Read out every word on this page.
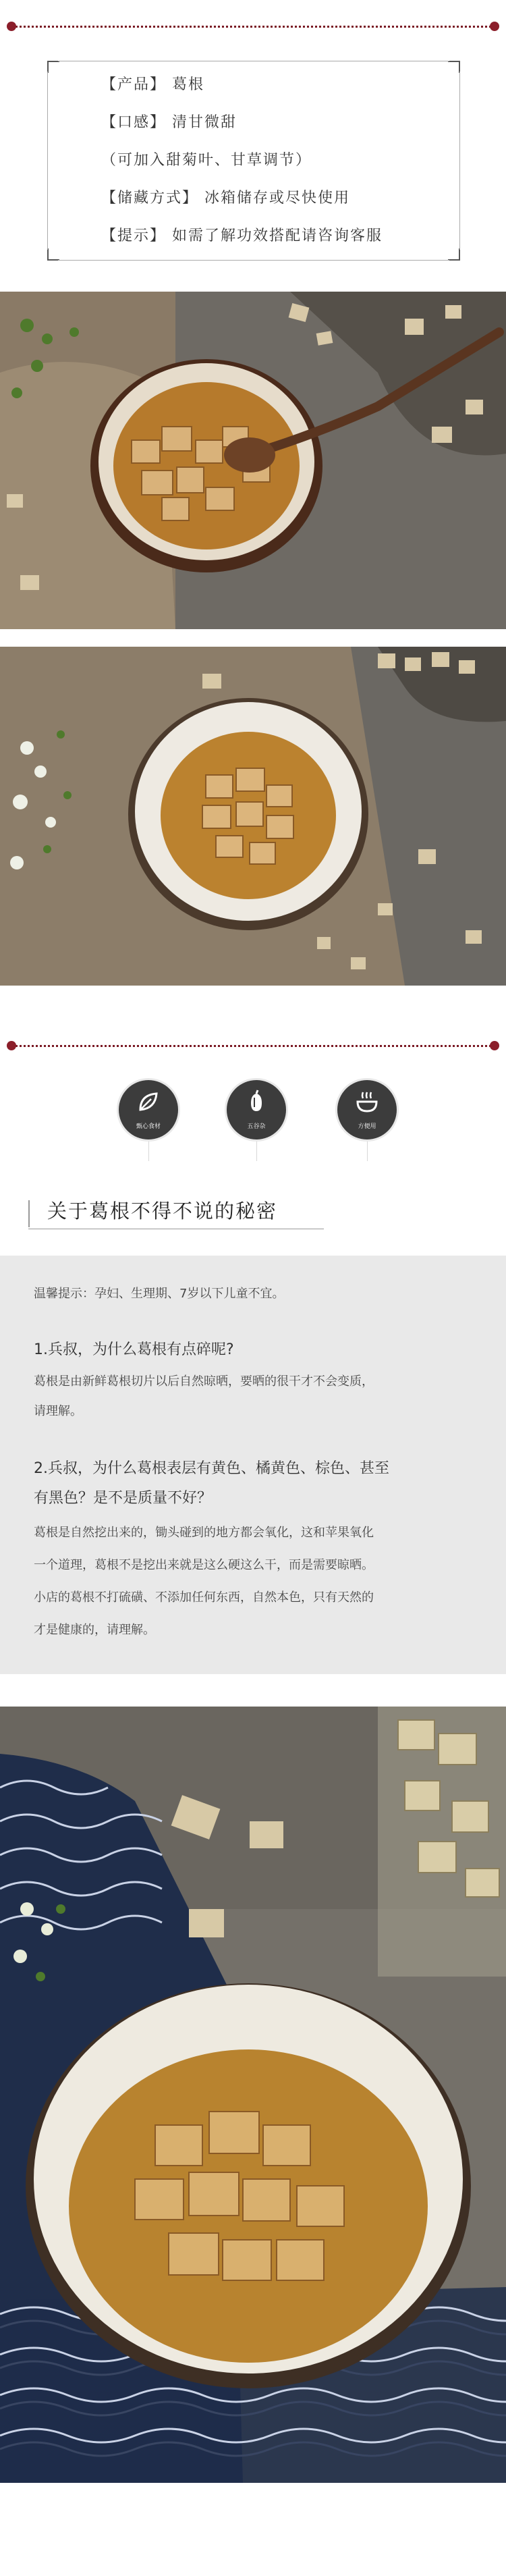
【产品】 葛根
【口感】 清甘微甜
（可加入甜菊叶、甘草调节）
【储藏方式】 冰箱储存或尽快使用
【提示】 如需了解功效搭配请咨询客服
甄心食材	五谷杂	方便用
关于葛根不得不说的秘密
温馨提示：孕妇、生理期、7岁以下儿童不宜。
1.兵叔，为什么葛根有点碎呢?
葛根是由新鲜葛根切片以后自然晾晒，要晒的很干才不会变质，
请理解。
2.兵叔，为什么葛根表层有黄色、橘黄色、棕色、甚至
有黑色？是不是质量不好？
葛根是自然挖出来的，锄头碰到的地方都会氧化，这和苹果氧化
一个道理，葛根不是挖出来就是这么硬这么干，而是需要晾晒。
小店的葛根不打硫磺、不添加任何东西，自然本色，只有天然的
才是健康的，请理解。
